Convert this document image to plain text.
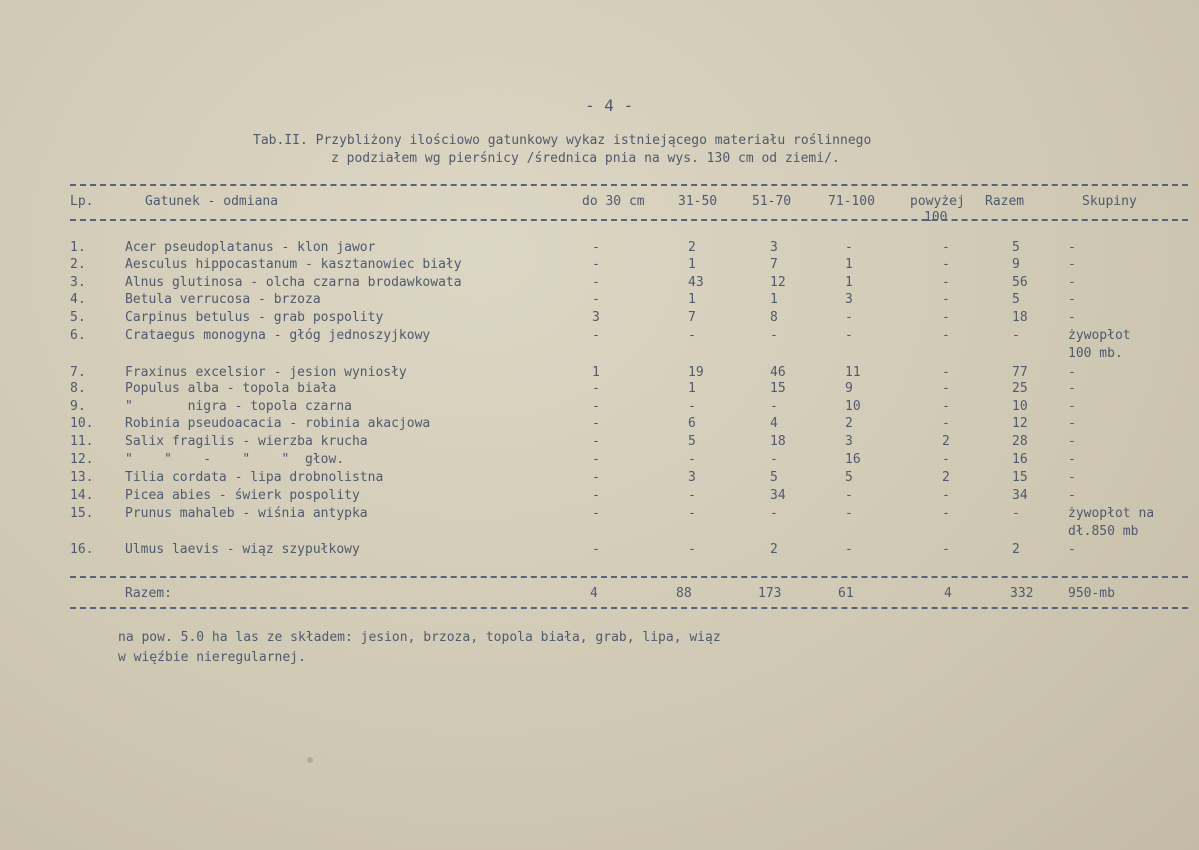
- 4 -
Tab.II. Przybliżony ilościowo gatunkowy wykaz istniejącego materiału roślinnego
z podziałem wg pierśnicy /średnica pnia na wys. 130 cm od ziemi/.
Lp.	Gatunek - odmiana	do 30 cm	31-50	51-70	71-100	powyżej
100
Razem	Skupiny
1.	Acer pseudoplatanus - klon jawor	-	2	3	-	-	5	-
2.	Aesculus hippocastanum - kasztanowiec biały	-	1	7	1	-	9	-
3.	Alnus glutinosa - olcha czarna brodawkowata	-	43	12	1	-	56	-
4.	Betula verrucosa - brzoza	-	1	1	3	-	5	-
5.	Carpinus betulus - grab pospolity	3	7	8	-	-	18	-
6.	Crataegus monogyna - głóg jednoszyjkowy	-	-	-	-	-	-	żywopłot
100 mb.
7.	Fraxinus excelsior - jesion wyniosły	1	19	46	11	-	77	-
8.	Populus alba - topola biała	-	1	15	9	-	25	-
9.	"       nigra - topola czarna	-	-	-	10	-	10	-
10. Robinia pseudoacacia - robinia akacjowa	-	6	4	2	-	12	-
11. Salix fragilis - wierzba krucha	-	5	18	3	2	28	-
12. "    "    -    "    "  głow.	-	-	-	16	-	16	-
13. Tilia cordata - lipa drobnolistna	-	3	5	5	2	15	-
14. Picea abies - świerk pospolity	-	-	34	-	-	34	-
15. Prunus mahaleb - wiśnia antypka	-	-	-	-	-	-	żywopłot na
dł.850 mb
16. Ulmus laevis - wiąz szypułkowy	-	-	2	-	-	2	-
Razem:	4	88	173	61	4	332	950-mb
na pow. 5.0 ha las ze składem: jesion, brzoza, topola biała, grab, lipa, wiąz
w więźbie nieregularnej.
